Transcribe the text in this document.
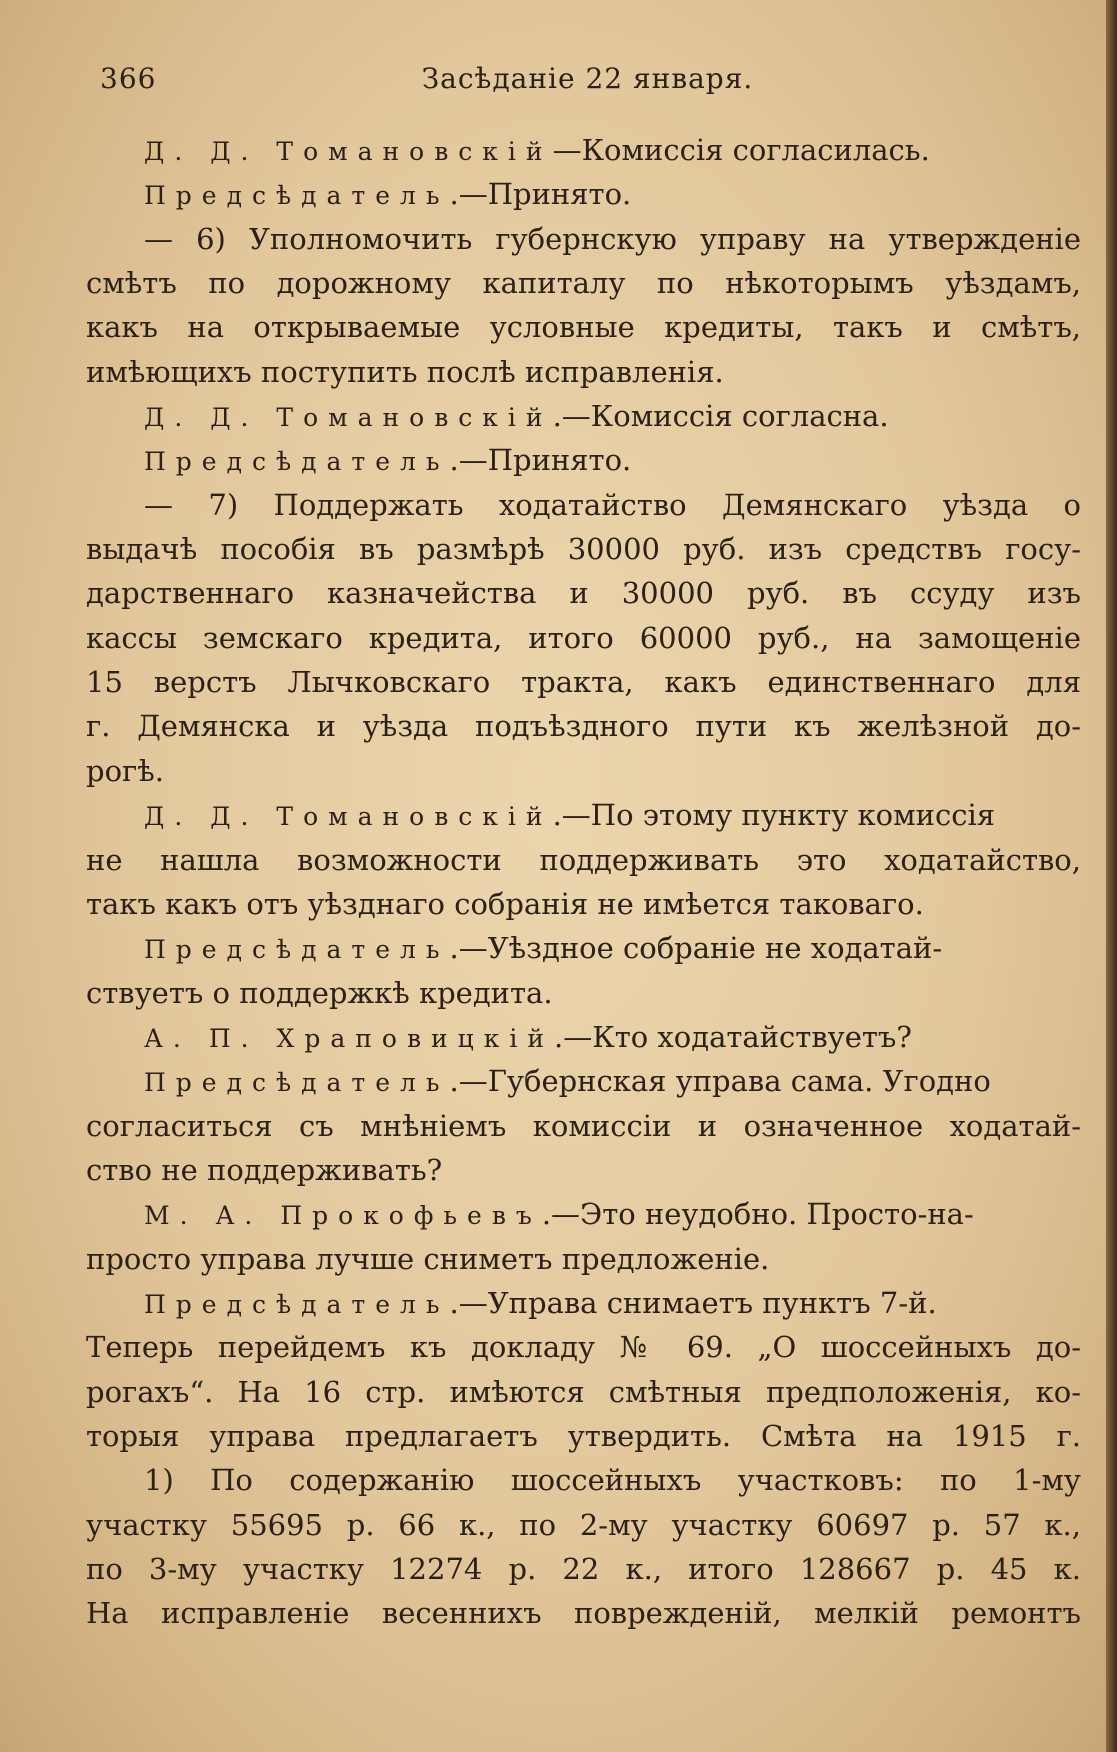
366	Засѣданіе 22 января.
Д. Д. Томановскій—Комиссія согласилась.
Предсѣдатель.—Принято.
— 6) Уполномочить губернскую управу на утвержденіе
смѣтъ по дорожному капиталу по нѣкоторымъ уѣздамъ,
какъ на открываемые условные кредиты, такъ и смѣтъ,
имѣющихъ поступить послѣ исправленія.
Д. Д. Томановскій.—Комиссія согласна.
Предсѣдатель.—Принято.
— 7) Поддержать ходатайство Демянскаго уѣзда о
выдачѣ пособія въ размѣрѣ 30000 руб. изъ средствъ госу-
дарственнаго казначейства и 30000 руб. въ ссуду изъ
кассы земскаго кредита, итого 60000 руб., на замощеніе
15 верстъ Лычковскаго тракта, какъ единственнаго для
г. Демянска и уѣзда подъѣздного пути къ желѣзной до-
рогѣ.
Д. Д. Томановскій.—По этому пункту комиссія
не нашла возможности поддерживать это ходатайство,
такъ какъ отъ уѣзднаго собранія не имѣется таковаго.
Предсѣдатель.—Уѣздное собраніе не ходатай-
ствуетъ о поддержкѣ кредита.
А. П. Храповицкій.—Кто ходатайствуетъ?
Предсѣдатель.—Губернская управа сама. Угодно
согласиться съ мнѣніемъ комиссіи и означенное ходатай-
ство не поддерживать?
М. А. Прокофьевъ.—Это неудобно. Просто-на-
просто управа лучше сниметъ предложеніе.
Предсѣдатель.—Управа снимаетъ пунктъ 7-й.
Теперь перейдемъ къ докладу № 69. „О шоссейныхъ до-
рогахъ“. На 16 стр. имѣются смѣтныя предположенія, ко-
торыя управа предлагаетъ утвердить. Смѣта на 1915 г.
1) По содержанію шоссейныхъ участковъ: по 1-му
участку 55695 р. 66 к., по 2-му участку 60697 р. 57 к.,
по 3-му участку 12274 р. 22 к., итого 128667 р. 45 к.
На исправленіе весеннихъ поврежденій, мелкій ремонтъ
